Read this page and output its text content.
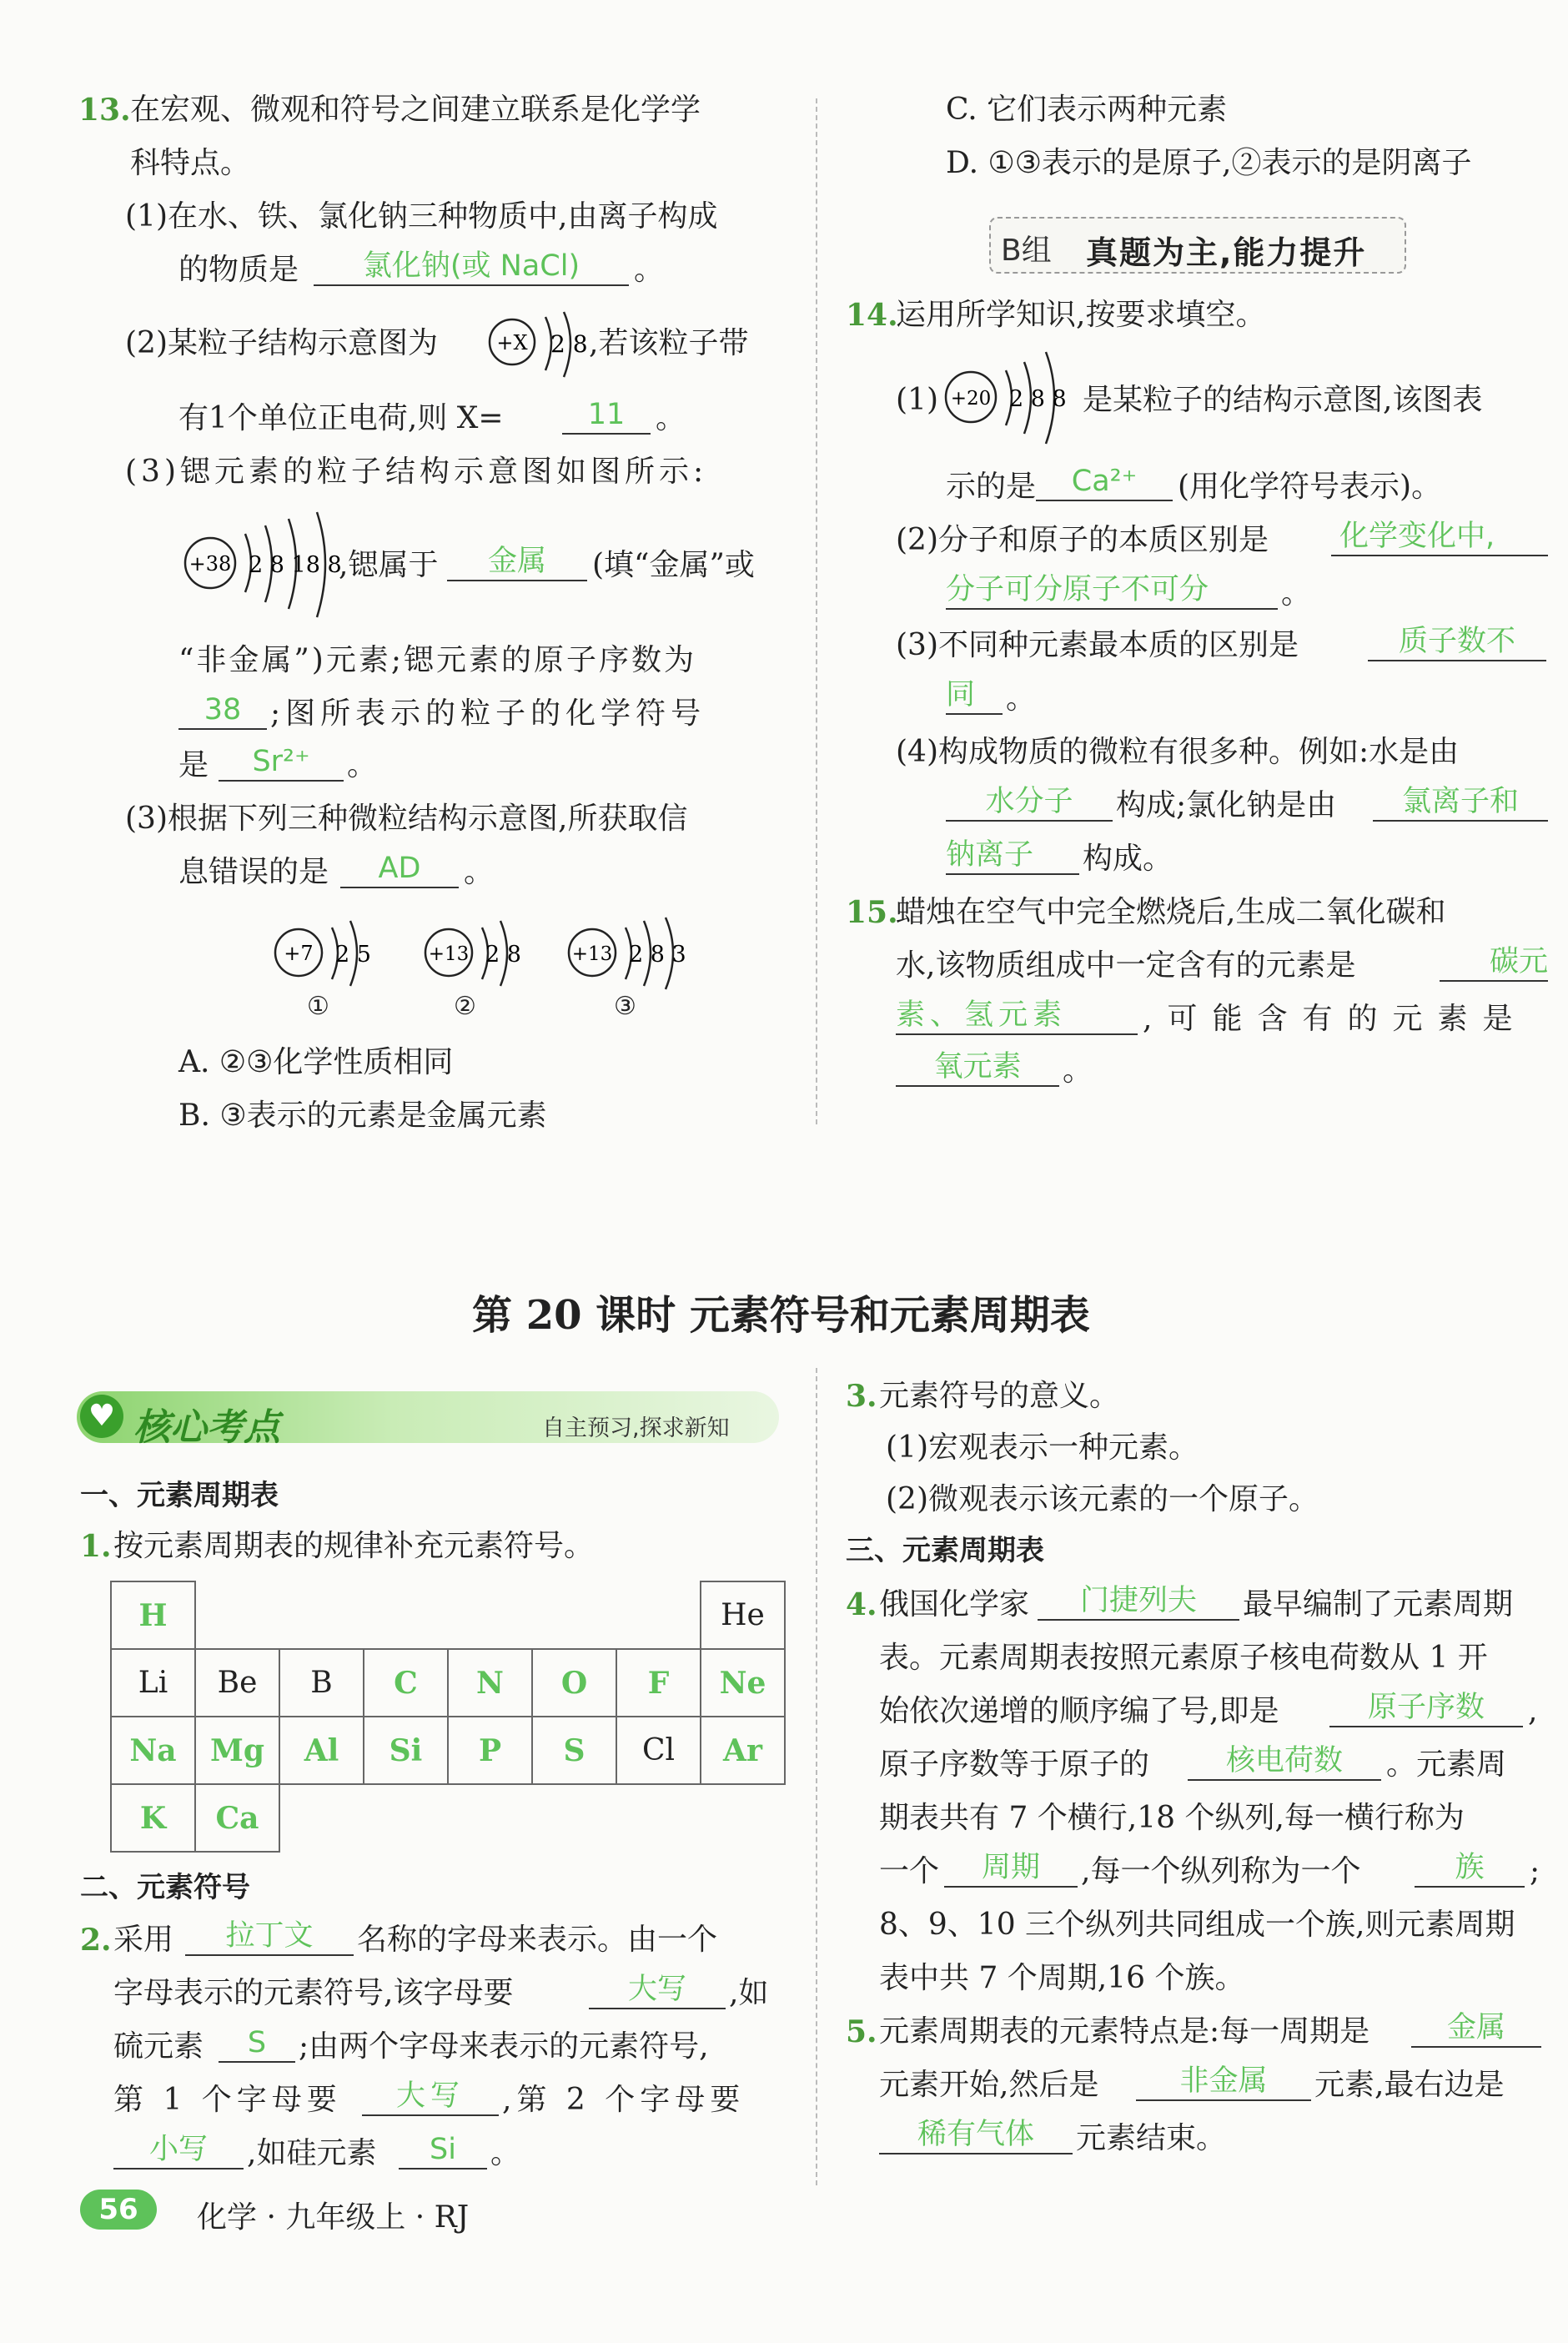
13. 在宏观、微观和符号之间建立联系是化学学
科特点。
(1)在水、铁、氯化钠三种物质中,由离子构成
的物质是	氯化钠(或 NaCl)	。
(2)某粒子结构示意图为	+X 2 8 ,若该粒子带
有1个单位正电荷,则 X=	11	。
(3)锶元素的粒子结构示意图如图所示:
+38 2 8 18 8
,锶属于	金属	(填“金属”或
“非金属”)元素;锶元素的原子序数为
38 ;图所表示的粒子的化学符号
是	Sr²⁺	。
(3)根据下列三种微粒结构示意图,所获取信
息错误的是	AD	。
+7 2 5	+13 2 8	+13 2 8 3
①	②	③
A. ②③化学性质相同
B. ③表示的元素是金属元素
C. 它们表示两种元素
D. ①③表示的是原子,②表示的是阴离子
B组 真题为主,能力提升
14.
运用所学知识,按要求填空。
(1) +20 2 8 8 是某粒子的结构示意图,该图表
示的是	Ca²⁺	(用化学符号表示)。
(2)分子和原子的本质区别是 化学变化中,
分子可分原子不可分	。
(3)不同种元素最本质的区别是	质子数不
同	。
(4)构成物质的微粒有很多种。例如:水是由
水分子	构成;氯化钠是由	氯离子和
钠离子	构成。
15.
蜡烛在空气中完全燃烧后,生成二氧化碳和
水,该物质组成中一定含有的元素是	碳元
素、氢元素	,可能含有的元素是
氧元素	。
第 20 课时 元素符号和元素周期表
♥ 核心考点	自主预习,探求新知
一、元素周期表
1. 按元素周期表的规律补充元素符号。
H							He
Li	Be	B	C	N	O	F	Ne
Na	Mg	Al	Si	P	S	Cl	Ar
K	Ca						
二、元素符号
2. 采用	拉丁文	名称的字母来表示。由一个
字母表示的元素符号,该字母要	大写	,如
硫元素	S	;由两个字母来表示的元素符号,
第 1 个字母要	大写	,第 2 个字母要
小写	,如硅元素	Si	。
3. 元素符号的意义。
(1)宏观表示一种元素。
(2)微观表示该元素的一个原子。
三、元素周期表
4. 俄国化学家	门捷列夫	最早编制了元素周期
表。元素周期表按照元素原子核电荷数从 1 开
始依次递增的顺序编了号,即是	原子序数	,
原子序数等于原子的	核电荷数	。元素周
期表共有 7 个横行,18 个纵列,每一横行称为
一个	周期	,每一个纵列称为一个	族	;
8、9、10 三个纵列共同组成一个族,则元素周期
表中共 7 个周期,16 个族。
5. 元素周期表的元素特点是:每一周期是	金属
元素开始,然后是	非金属	元素,最右边是
稀有气体	元素结束。
56	化学 · 九年级上 · RJ
